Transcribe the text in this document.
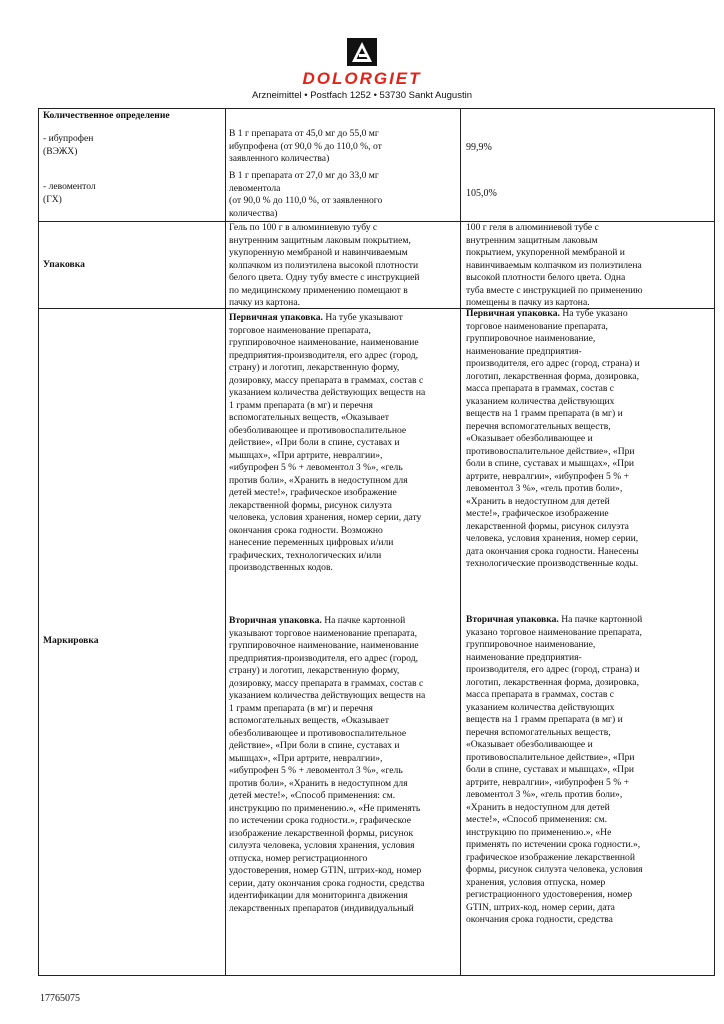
DOLORGIET
Arzneimittel • Postfach 1252 • 53730 Sankt Augustin
Количественное определение
- ибупрофен
(ВЭЖХ)
- левоментол
(ГХ)
В 1 г препарата от 45,0 мг до 55,0 мг
ибупрофена (от 90,0 % до 110,0 %, от
заявленного количества)
В 1 г препарата от 27,0 мг до 33,0 мг
левоментола
(от 90,0 % до 110,0 %, от заявленного
количества)
99,9%
105,0%
Упаковка
Гель по 100 г в алюминиевую тубу с
внутренним защитным лаковым покрытием,
укупоренную мембраной и навинчиваемым
колпачком из полиэтилена высокой плотности
белого цвета. Одну тубу вместе с инструкцией
по медицинскому применению помещают в
пачку из картона.
100 г геля в алюминиевой тубе с
внутренним защитным лаковым
покрытием, укупоренной мембраной и
навинчиваемым колпачком из полиэтилена
высокой плотности белого цвета. Одна
туба вместе с инструкцией по применению
помещены в пачку из картона.
Маркировка
Первичная упаковка. На тубе указывают
торговое наименование препарата,
группировочное наименование, наименование
предприятия-производителя, его адрес (город,
страну) и логотип, лекарственную форму,
дозировку, массу препарата в граммах, состав с
указанием количества действующих веществ на
1 грамм препарата (в мг) и перечня
вспомогательных веществ, «Оказывает
обезболивающее и противовоспалительное
действие», «При боли в спине, суставах и
мышцах», «При артрите, невралгии»,
«ибупрофен 5 % + левоментол 3 %», «гель
против боли», «Хранить в недоступном для
детей месте!», графическое изображение
лекарственной формы, рисунок силуэта
человека, условия хранения, номер серии, дату
окончания срока годности. Возможно
нанесение переменных цифровых и/или
графических, технологических и/или
производственных кодов.
Вторичная упаковка. На пачке картонной
указывают торговое наименование препарата,
группировочное наименование, наименование
предприятия-производителя, его адрес (город,
страну) и логотип, лекарственную форму,
дозировку, массу препарата в граммах, состав с
указанием количества действующих веществ на
1 грамм препарата (в мг) и перечня
вспомогательных веществ, «Оказывает
обезболивающее и противовоспалительное
действие», «При боли в спине, суставах и
мышцах», «При артрите, невралгии»,
«ибупрофен 5 % + левоментол 3 %», «гель
против боли», «Хранить в недоступном для
детей месте!», «Способ применения: см.
инструкцию по применению.», «Не применять
по истечении срока годности.», графическое
изображение лекарственной формы, рисунок
силуэта человека, условия хранения, условия
отпуска, номер регистрационного
удостоверения, номер GTIN, штрих-код, номер
серии, дату окончания срока годности, средства
идентификации для мониторинга движения
лекарственных препаратов (индивидуальный
Первичная упаковка. На тубе указано
торговое наименование препарата,
группировочное наименование,
наименование предприятия-
производителя, его адрес (город, страна) и
логотип, лекарственная форма, дозировка,
масса препарата в граммах, состав с
указанием количества действующих
веществ на 1 грамм препарата (в мг) и
перечня вспомогательных веществ,
«Оказывает обезболивающее и
противовоспалительное действие», «При
боли в спине, суставах и мышцах», «При
артрите, невралгии», «ибупрофен 5 % +
левоментол 3 %», «гель против боли»,
«Хранить в недоступном для детей
месте!», графическое изображение
лекарственной формы, рисунок силуэта
человека, условия хранения, номер серии,
дата окончания срока годности. Нанесены
технологические производственные коды.
Вторичная упаковка. На пачке картонной
указано торговое наименование препарата,
группировочное наименование,
наименование предприятия-
производителя, его адрес (город, страна) и
логотип, лекарственная форма, дозировка,
масса препарата в граммах, состав с
указанием количества действующих
веществ на 1 грамм препарата (в мг) и
перечня вспомогательных веществ,
«Оказывает обезболивающее и
противовоспалительное действие», «При
боли в спине, суставах и мышцах», «При
артрите, невралгии», «ибупрофен 5 % +
левоментол 3 %», «гель против боли»,
«Хранить в недоступном для детей
месте!», «Способ применения: см.
инструкцию по применению.», «Не
применять по истечении срока годности.»,
графическое изображение лекарственной
формы, рисунок силуэта человека, условия
хранения, условия отпуска, номер
регистрационного удостоверения, номер
GTIN, штрих-код, номер серии, дата
окончания срока годности, средства
17765075
